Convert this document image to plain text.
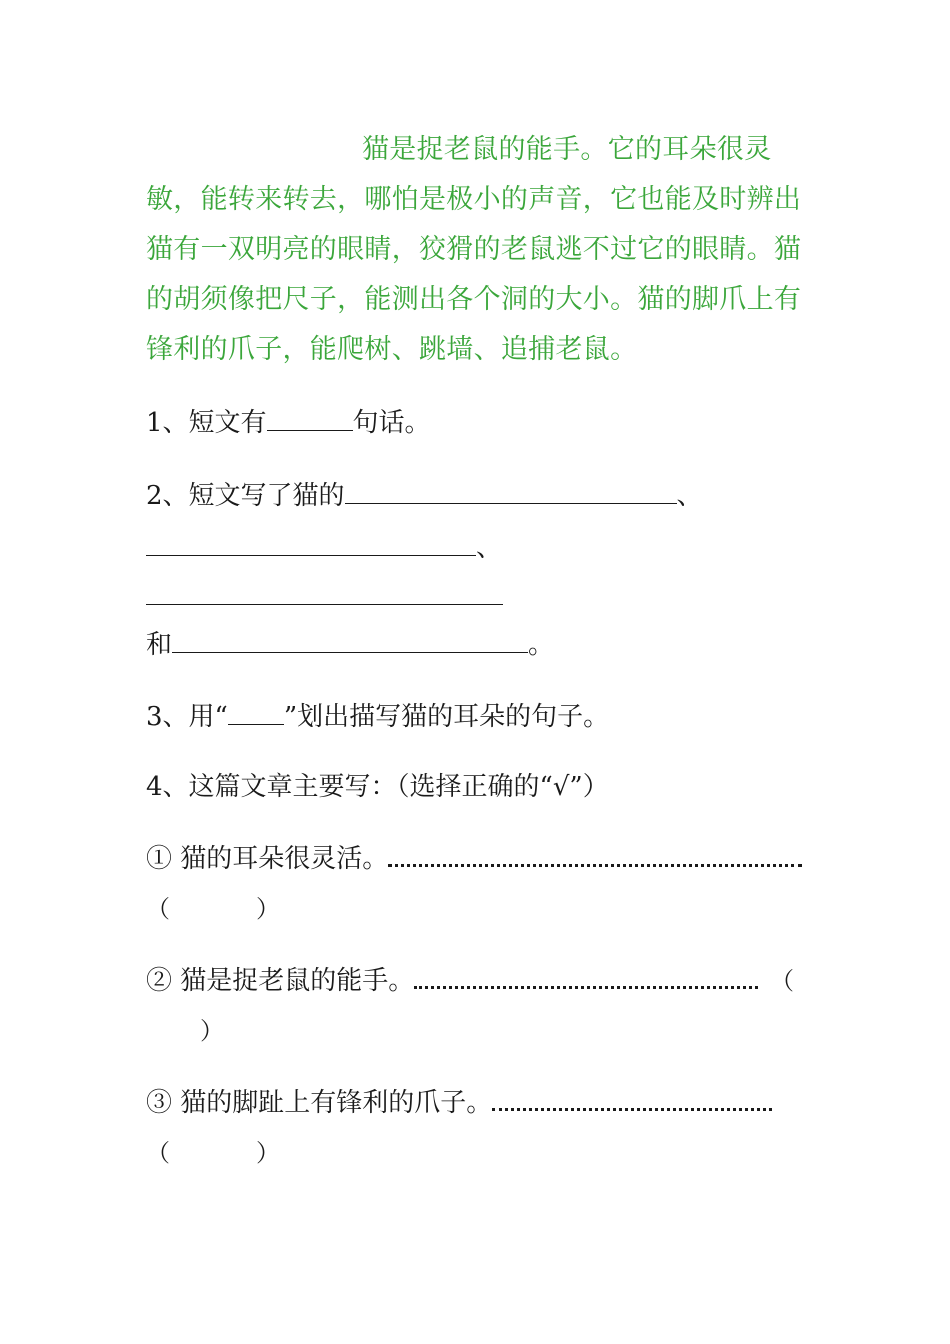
猫是捉老鼠的能手。它的耳朵很灵敏，能转来转去，哪怕是极小的声音，它也能及时辨出猫有一双明亮的眼睛，狡猾的老鼠逃不过它的眼睛。猫的胡须像把尺子，能测出各个洞的大小。猫的脚爪上有锋利的爪子，能爬树、跳墙、追捕老鼠。
1、短文有	句话。
2、短文写了猫的	、
、
和	。
3、用“ ”划出描写猫的耳朵的句子。
4、这篇文章主要写：（选择正确的“√”）
① 猫的耳朵很灵活。
（	）
② 猫是捉老鼠的能手。	（
）
③ 猫的脚趾上有锋利的爪子。
（	）
